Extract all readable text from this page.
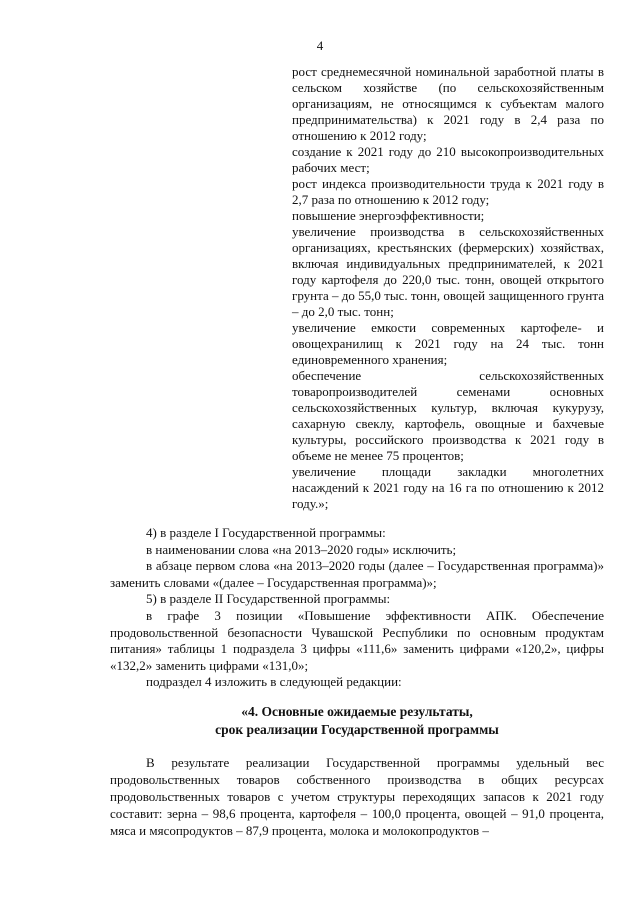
4

рост среднемесячной номинальной заработной платы в сельском хозяйстве (по сельскохозяйственным организациям, не относящимся к субъектам малого предпринимательства) к 2021 году в 2,4 раза по отношению к 2012 году;

создание к 2021 году до 210 высокопроизводительных рабочих мест;

рост индекса производительности труда к 2021 году в 2,7 раза по отношению к 2012 году;

повышение энергоэффективности;

увеличение производства в сельскохозяйственных организациях, крестьянских (фермерских) хозяйствах, включая индивидуальных предпринимателей, к 2021 году картофеля до 220,0 тыс. тонн, овощей открытого грунта – до 55,0 тыс. тонн, овощей защищенного грунта – до 2,0 тыс. тонн;

увеличение емкости современных картофеле- и овощехранилищ к 2021 году на 24 тыс. тонн единовременного хранения;

обеспечение сельскохозяйственных товаропроизводителей семенами основных сельскохозяйственных культур, включая кукурузу, сахарную свеклу, картофель, овощные и бахчевые культуры, российского производства к 2021 году в объеме не менее 75 процентов;

увеличение площади закладки многолетних насаждений к 2021 году на 16 га по отношению к 2012 году.»;

4) в разделе I Государственной программы:

в наименовании слова «на 2013–2020 годы» исключить;

в абзаце первом слова «на 2013–2020 годы (далее – Государственная программа)» заменить словами «(далее – Государственная программа)»;

5) в разделе II Государственной программы:

в графе 3 позиции «Повышение эффективности АПК. Обеспечение продовольственной безопасности Чувашской Республики по основным продуктам питания» таблицы 1 подраздела 3 цифры «111,6» заменить цифрами «120,2», цифры «132,2» заменить цифрами «131,0»;

подраздел 4 изложить в следующей редакции:

«4. Основные ожидаемые результаты,
срок реализации Государственной программы

В результате реализации Государственной программы удельный вес продовольственных товаров собственного производства в общих ресурсах продовольственных товаров с учетом структуры переходящих запасов к 2021 году составит: зерна – 98,6 процента, картофеля – 100,0 процента, овощей – 91,0 процента, мяса и мясопродуктов – 87,9 процента, молока и молокопродуктов –
